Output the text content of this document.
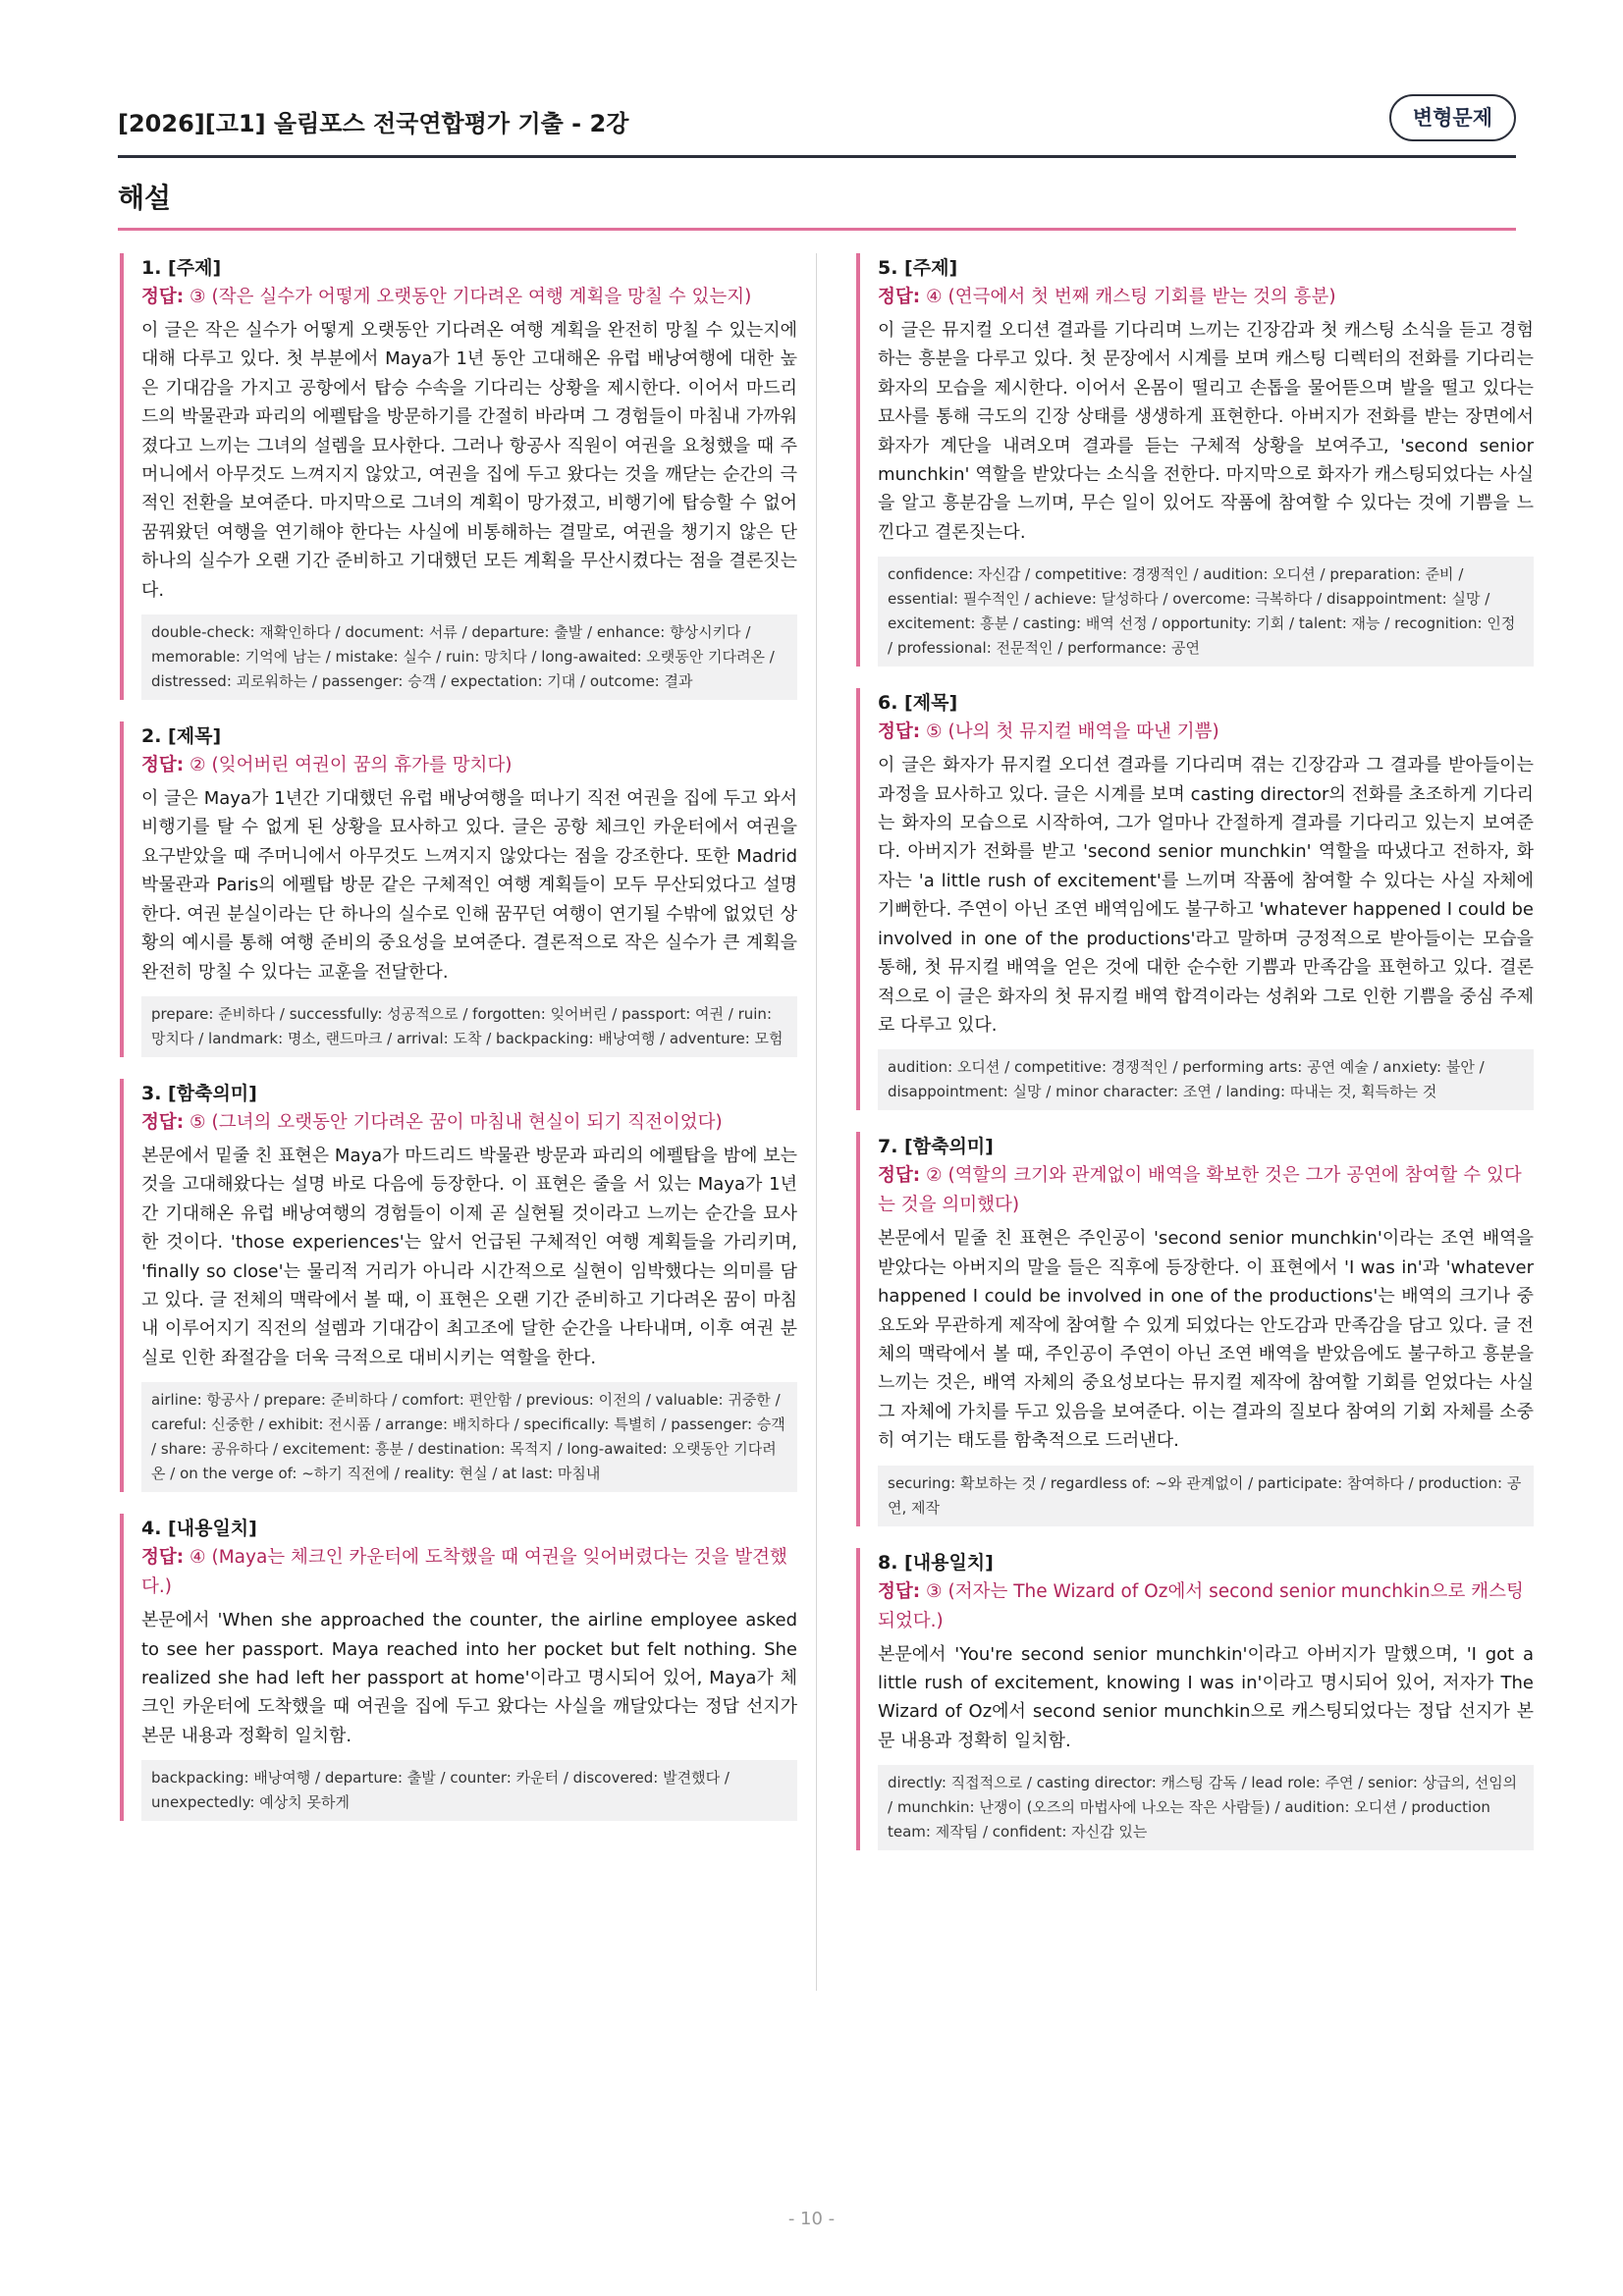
[2026][고1] 올림포스 전국연합평가 기출 - 2강	변형문제
해설
1. [주제]
정답: ③ (작은 실수가 어떻게 오랫동안 기다려온 여행 계획을 망칠 수 있는지)
이 글은 작은 실수가 어떻게 오랫동안 기다려온 여행 계획을 완전히 망칠 수 있는지에 대해 다루고 있다. 첫 부분에서 Maya가 1년 동안 고대해온 유럽 배낭여행에 대한 높은 기대감을 가지고 공항에서 탑승 수속을 기다리는 상황을 제시한다. 이어서 마드리드의 박물관과 파리의 에펠탑을 방문하기를 간절히 바라며 그 경험들이 마침내 가까워졌다고 느끼는 그녀의 설렘을 묘사한다. 그러나 항공사 직원이 여권을 요청했을 때 주머니에서 아무것도 느껴지지 않았고, 여권을 집에 두고 왔다는 것을 깨닫는 순간의 극적인 전환을 보여준다. 마지막으로 그녀의 계획이 망가졌고, 비행기에 탑승할 수 없어 꿈꿔왔던 여행을 연기해야 한다는 사실에 비통해하는 결말로, 여권을 챙기지 않은 단 하나의 실수가 오랜 기간 준비하고 기대했던 모든 계획을 무산시켰다는 점을 결론짓는다.
double-check: 재확인하다 / document: 서류 / departure: 출발 / enhance: 향상시키다 / memorable: 기억에 남는 / mistake: 실수 / ruin: 망치다 / long-awaited: 오랫동안 기다려온 / distressed: 괴로워하는 / passenger: 승객 / expectation: 기대 / outcome: 결과
2. [제목]
정답: ② (잊어버린 여권이 꿈의 휴가를 망치다)
이 글은 Maya가 1년간 기대했던 유럽 배낭여행을 떠나기 직전 여권을 집에 두고 와서 비행기를 탈 수 없게 된 상황을 묘사하고 있다. 글은 공항 체크인 카운터에서 여권을 요구받았을 때 주머니에서 아무것도 느껴지지 않았다는 점을 강조한다. 또한 Madrid 박물관과 Paris의 에펠탑 방문 같은 구체적인 여행 계획들이 모두 무산되었다고 설명한다. 여권 분실이라는 단 하나의 실수로 인해 꿈꾸던 여행이 연기될 수밖에 없었던 상황의 예시를 통해 여행 준비의 중요성을 보여준다. 결론적으로 작은 실수가 큰 계획을 완전히 망칠 수 있다는 교훈을 전달한다.
prepare: 준비하다 / successfully: 성공적으로 / forgotten: 잊어버린 / passport: 여권 / ruin: 망치다 / landmark: 명소, 랜드마크 / arrival: 도착 / backpacking: 배낭여행 / adventure: 모험
3. [함축의미]
정답: ⑤ (그녀의 오랫동안 기다려온 꿈이 마침내 현실이 되기 직전이었다)
본문에서 밑줄 친 표현은 Maya가 마드리드 박물관 방문과 파리의 에펠탑을 밤에 보는 것을 고대해왔다는 설명 바로 다음에 등장한다. 이 표현은 줄을 서 있는 Maya가 1년간 기대해온 유럽 배낭여행의 경험들이 이제 곧 실현될 것이라고 느끼는 순간을 묘사한 것이다. 'those experiences'는 앞서 언급된 구체적인 여행 계획들을 가리키며, 'finally so close'는 물리적 거리가 아니라 시간적으로 실현이 임박했다는 의미를 담고 있다. 글 전체의 맥락에서 볼 때, 이 표현은 오랜 기간 준비하고 기다려온 꿈이 마침내 이루어지기 직전의 설렘과 기대감이 최고조에 달한 순간을 나타내며, 이후 여권 분실로 인한 좌절감을 더욱 극적으로 대비시키는 역할을 한다.
airline: 항공사 / prepare: 준비하다 / comfort: 편안함 / previous: 이전의 / valuable: 귀중한 / careful: 신중한 / exhibit: 전시품 / arrange: 배치하다 / specifically: 특별히 / passenger: 승객 / share: 공유하다 / excitement: 흥분 / destination: 목적지 / long-awaited: 오랫동안 기다려온 / on the verge of: ~하기 직전에 / reality: 현실 / at last: 마침내
4. [내용일치]
정답: ④ (Maya는 체크인 카운터에 도착했을 때 여권을 잊어버렸다는 것을 발견했다.)
본문에서 'When she approached the counter, the airline employee asked to see her passport. Maya reached into her pocket but felt nothing. She realized she had left her passport at home'이라고 명시되어 있어, Maya가 체크인 카운터에 도착했을 때 여권을 집에 두고 왔다는 사실을 깨달았다는 정답 선지가 본문 내용과 정확히 일치함.
backpacking: 배낭여행 / departure: 출발 / counter: 카운터 / discovered: 발견했다 / unexpectedly: 예상치 못하게
5. [주제]
정답: ④ (연극에서 첫 번째 캐스팅 기회를 받는 것의 흥분)
이 글은 뮤지컬 오디션 결과를 기다리며 느끼는 긴장감과 첫 캐스팅 소식을 듣고 경험하는 흥분을 다루고 있다. 첫 문장에서 시계를 보며 캐스팅 디렉터의 전화를 기다리는 화자의 모습을 제시한다. 이어서 온몸이 떨리고 손톱을 물어뜯으며 발을 떨고 있다는 묘사를 통해 극도의 긴장 상태를 생생하게 표현한다. 아버지가 전화를 받는 장면에서 화자가 계단을 내려오며 결과를 듣는 구체적 상황을 보여주고, 'second senior munchkin' 역할을 받았다는 소식을 전한다. 마지막으로 화자가 캐스팅되었다는 사실을 알고 흥분감을 느끼며, 무슨 일이 있어도 작품에 참여할 수 있다는 것에 기쁨을 느낀다고 결론짓는다.
confidence: 자신감 / competitive: 경쟁적인 / audition: 오디션 / preparation: 준비 / essential: 필수적인 / achieve: 달성하다 / overcome: 극복하다 / disappointment: 실망 / excitement: 흥분 / casting: 배역 선정 / opportunity: 기회 / talent: 재능 / recognition: 인정 / professional: 전문적인 / performance: 공연
6. [제목]
정답: ⑤ (나의 첫 뮤지컬 배역을 따낸 기쁨)
이 글은 화자가 뮤지컬 오디션 결과를 기다리며 겪는 긴장감과 그 결과를 받아들이는 과정을 묘사하고 있다. 글은 시계를 보며 casting director의 전화를 초조하게 기다리는 화자의 모습으로 시작하여, 그가 얼마나 간절하게 결과를 기다리고 있는지 보여준다. 아버지가 전화를 받고 'second senior munchkin' 역할을 따냈다고 전하자, 화자는 'a little rush of excitement'를 느끼며 작품에 참여할 수 있다는 사실 자체에 기뻐한다. 주연이 아닌 조연 배역임에도 불구하고 'whatever happened I could be involved in one of the productions'라고 말하며 긍정적으로 받아들이는 모습을 통해, 첫 뮤지컬 배역을 얻은 것에 대한 순수한 기쁨과 만족감을 표현하고 있다. 결론적으로 이 글은 화자의 첫 뮤지컬 배역 합격이라는 성취와 그로 인한 기쁨을 중심 주제로 다루고 있다.
audition: 오디션 / competitive: 경쟁적인 / performing arts: 공연 예술 / anxiety: 불안 / disappointment: 실망 / minor character: 조연 / landing: 따내는 것, 획득하는 것
7. [함축의미]
정답: ② (역할의 크기와 관계없이 배역을 확보한 것은 그가 공연에 참여할 수 있다는 것을 의미했다)
본문에서 밑줄 친 표현은 주인공이 'second senior munchkin'이라는 조연 배역을 받았다는 아버지의 말을 들은 직후에 등장한다. 이 표현에서 'I was in'과 'whatever happened I could be involved in one of the productions'는 배역의 크기나 중요도와 무관하게 제작에 참여할 수 있게 되었다는 안도감과 만족감을 담고 있다. 글 전체의 맥락에서 볼 때, 주인공이 주연이 아닌 조연 배역을 받았음에도 불구하고 흥분을 느끼는 것은, 배역 자체의 중요성보다는 뮤지컬 제작에 참여할 기회를 얻었다는 사실 그 자체에 가치를 두고 있음을 보여준다. 이는 결과의 질보다 참여의 기회 자체를 소중히 여기는 태도를 함축적으로 드러낸다.
securing: 확보하는 것 / regardless of: ~와 관계없이 / participate: 참여하다 / production: 공연, 제작
8. [내용일치]
정답: ③ (저자는 The Wizard of Oz에서 second senior munchkin으로 캐스팅되었다.)
본문에서 'You're second senior munchkin'이라고 아버지가 말했으며, 'I got a little rush of excitement, knowing I was in'이라고 명시되어 있어, 저자가 The Wizard of Oz에서 second senior munchkin으로 캐스팅되었다는 정답 선지가 본문 내용과 정확히 일치함.
directly: 직접적으로 / casting director: 캐스팅 감독 / lead role: 주연 / senior: 상급의, 선임의 / munchkin: 난쟁이 (오즈의 마법사에 나오는 작은 사람들) / audition: 오디션 / production team: 제작팀 / confident: 자신감 있는
- 10 -
